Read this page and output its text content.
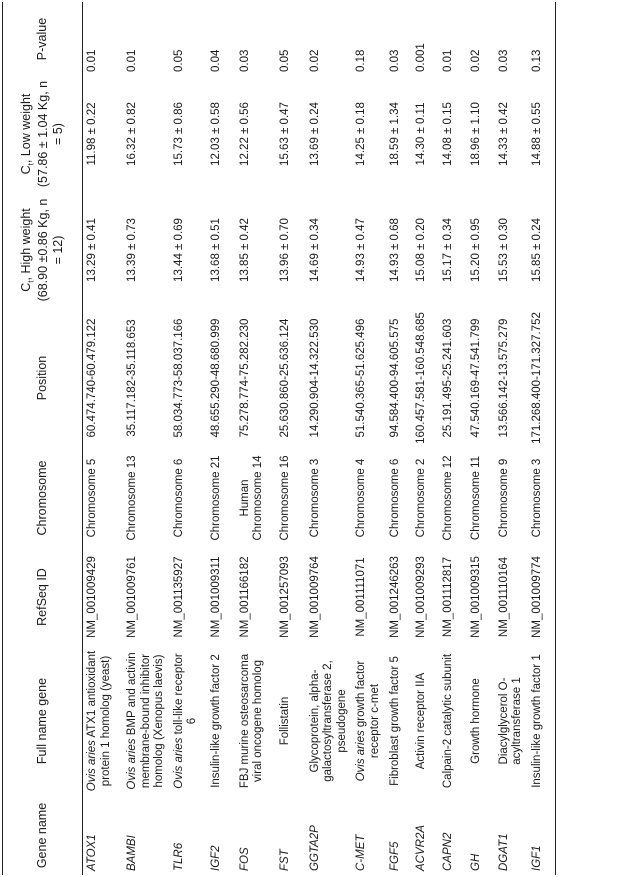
Gene name	Full name gene	RefSeq ID	Chromosome	Position	$C_t$, High weight (68.90 ±0.86 Kg, n = 12)	$C_t$, Low weight (57.86 ± 1.04 Kg, n = 5)	P-value
ATOX1	Ovis aries ATX1 antioxidant protein 1 homolog (yeast)	NM_001009429	Chromosome 5	60.474.740-60.479.122	13.29 ± 0.41	11.98 ± 0.22	0.01
BAMBI	Ovis aries BMP and activin membrane-bound inhibitor homolog (Xenopus laevis)	NM_001009761	Chromosome 13	35.117.182-35.118.653	13.39 ± 0.73	16.32 ± 0.82	0.01
TLR6	Ovis aries toll-like receptor 6	NM_001135927	Chromosome 6	58.034.773-58.037.166	13.44 ± 0.69	15.73 ± 0.86	0.05
IGF2	Insulin-like growth factor 2	NM_001009311	Chromosome 21	48.655.290-48.680.999	13.68 ± 0.51	12.03 ± 0.58	0.04
FOS	FBJ murine osteosarcoma viral oncogene homolog	NM_001166182	Human Chromosome 14	75.278.774-75.282.230	13.85 ± 0.42	12.22 ± 0.56	0.03
FST	Follistatin	NM_001257093	Chromosome 16	25.630.860-25.636.124	13.96 ± 0.70	15.63 ± 0.47	0.05
GGTA2P	Glycoprotein, alpha-galactosyltransferase 2, pseudogene	NM_001009764	Chromosome 3	14.290.904-14.322.530	14.69 ± 0.34	13.69 ± 0.24	0.02
C-MET	Ovis aries growth factor receptor c-met	NM_001111071	Chromosome 4	51.540.365-51.625.496	14.93 ± 0.47	14.25 ± 0.18	0.18
FGF5	Fibroblast growth factor 5	NM_001246263	Chromosome 6	94.584.400-94.605.575	14.93 ± 0.68	18.59 ± 1.34	0.03
ACVR2A	Activin receptor IIA	NM_001009293	Chromosome 2	160.457.581-160.548.685	15.08 ± 0.20	14.30 ± 0.11	0.001
CAPN2	Calpain-2 catalytic subunit	NM_001112817	Chromosome 12	25.191.495-25.241.603	15.17 ± 0.34	14.08 ± 0.15	0.01
GH	Growth hormone	NM_001009315	Chromosome 11	47.540.169-47.541.799	15.20 ± 0.95	18.96 ± 1.10	0.02
DGAT1	Diacylglycerol O-acyltransferase 1	NM_001110164	Chromosome 9	13.566.142-13.575.279	15.53 ± 0.30	14.33 ± 0.42	0.03
IGF1	Insulin-like growth factor 1	NM_001009774	Chromosome 3	171.268.400-171.327.752	15.85 ± 0.24	14.88 ± 0.55	0.13
